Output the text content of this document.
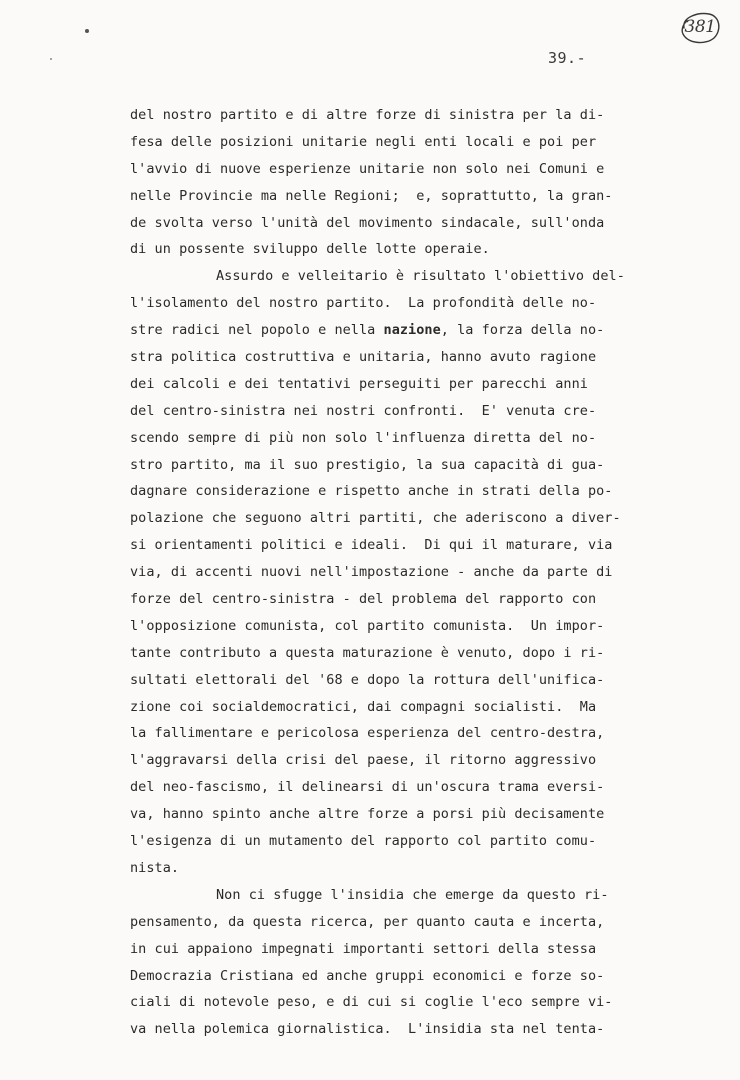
381
39.-
del nostro partito e di altre forze di sinistra per la di-
fesa delle posizioni unitarie negli enti locali e poi per
l'avvio di nuove esperienze unitarie non solo nei Comuni e
nelle Provincie ma nelle Regioni;  e, soprattutto, la gran-
de svolta verso l'unità del movimento sindacale, sull'onda
di un possente sviluppo delle lotte operaie.
Assurdo e velleitario è risultato l'obiettivo del-
l'isolamento del nostro partito.  La profondità delle no-
stre radici nel popolo e nella nazione, la forza della no-
stra politica costruttiva e unitaria, hanno avuto ragione
dei calcoli e dei tentativi perseguiti per parecchi anni
del centro-sinistra nei nostri confronti.  E' venuta cre-
scendo sempre di più non solo l'influenza diretta del no-
stro partito, ma il suo prestigio, la sua capacità di gua-
dagnare considerazione e rispetto anche in strati della po-
polazione che seguono altri partiti, che aderiscono a diver-
si orientamenti politici e ideali.  Di qui il maturare, via
via, di accenti nuovi nell'impostazione - anche da parte di
forze del centro-sinistra - del problema del rapporto con
l'opposizione comunista, col partito comunista.  Un impor-
tante contributo a questa maturazione è venuto, dopo i ri-
sultati elettorali del '68 e dopo la rottura dell'unifica-
zione coi socialdemocratici, dai compagni socialisti.  Ma
la fallimentare e pericolosa esperienza del centro-destra,
l'aggravarsi della crisi del paese, il ritorno aggressivo
del neo-fascismo, il delinearsi di un'oscura trama eversi-
va, hanno spinto anche altre forze a porsi più decisamente
l'esigenza di un mutamento del rapporto col partito comu-
nista.
Non ci sfugge l'insidia che emerge da questo ri-
pensamento, da questa ricerca, per quanto cauta e incerta,
in cui appaiono impegnati importanti settori della stessa
Democrazia Cristiana ed anche gruppi economici e forze so-
ciali di notevole peso, e di cui si coglie l'eco sempre vi-
va nella polemica giornalistica.  L'insidia sta nel tenta-
